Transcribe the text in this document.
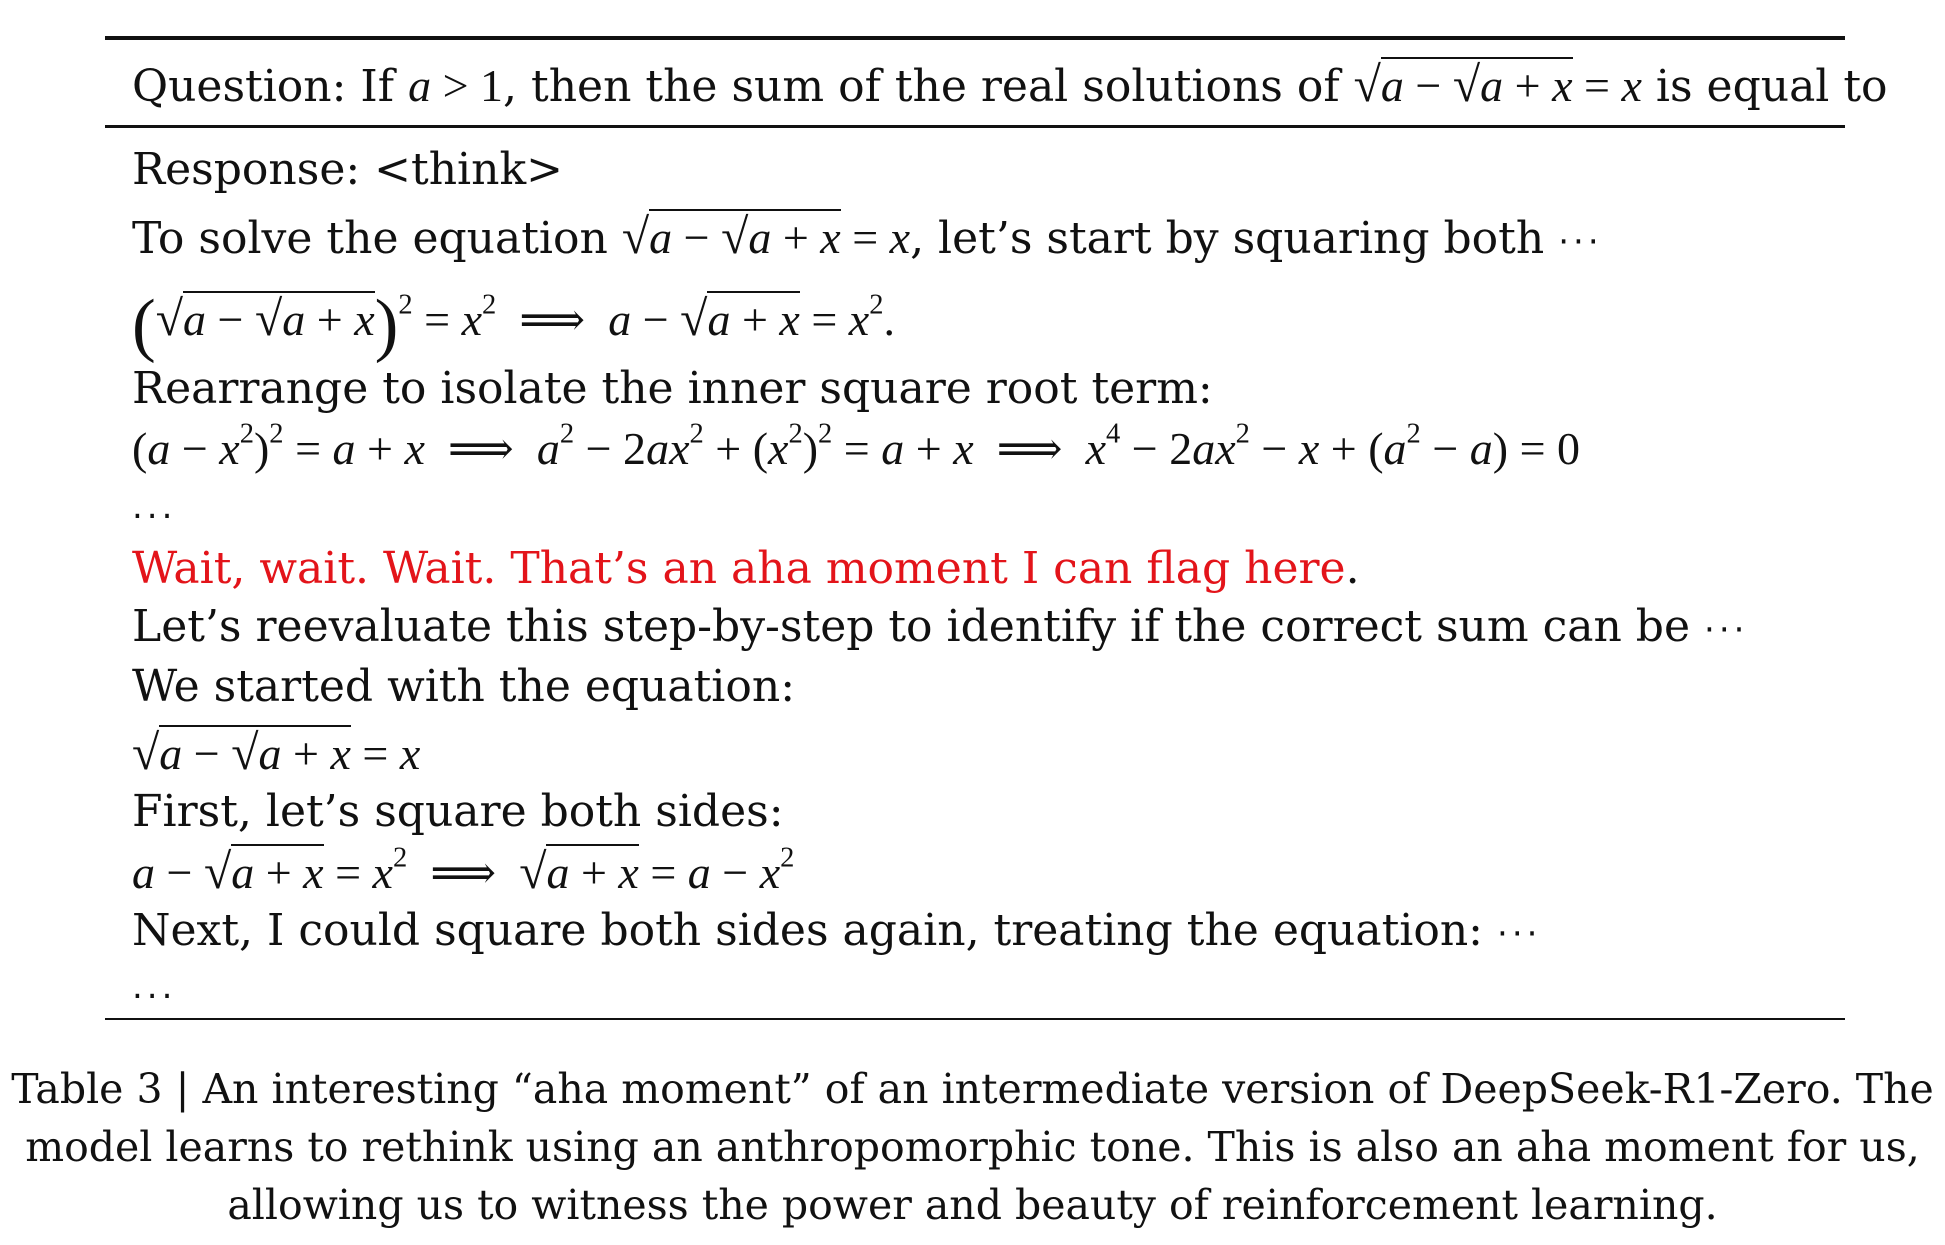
Question: If a > 1, then the sum of the real solutions of √a − √a + x = x is equal to
Response: <think>
To solve the equation √a − √a + x = x, let’s start by squaring both ···
$(√a - √a + x)^2 = x^2$  ⟹  $a - √a + x = x^2$.
Rearrange to isolate the inner square root term:
$(a - x^2)^2 = a + x$  ⟹  $a^2 - 2ax^2 + (x^2)^2 = a + x$  ⟹  $x^4 - 2ax^2 - x + (a^2 - a) = 0$
...
Wait, wait. Wait. That’s an aha moment I can flag here.
Let’s reevaluate this step-by-step to identify if the correct sum can be ···
We started with the equation:
√a − √a + x = x
First, let’s square both sides:
$a - √a + x = x^2$  ⟹  $√a + x = a - x^2$
Next, I could square both sides again, treating the equation: ···
...
Table 3 | An interesting “aha moment” of an intermediate version of DeepSeek-R1-Zero. The
model learns to rethink using an anthropomorphic tone. This is also an aha moment for us,
allowing us to witness the power and beauty of reinforcement learning.
